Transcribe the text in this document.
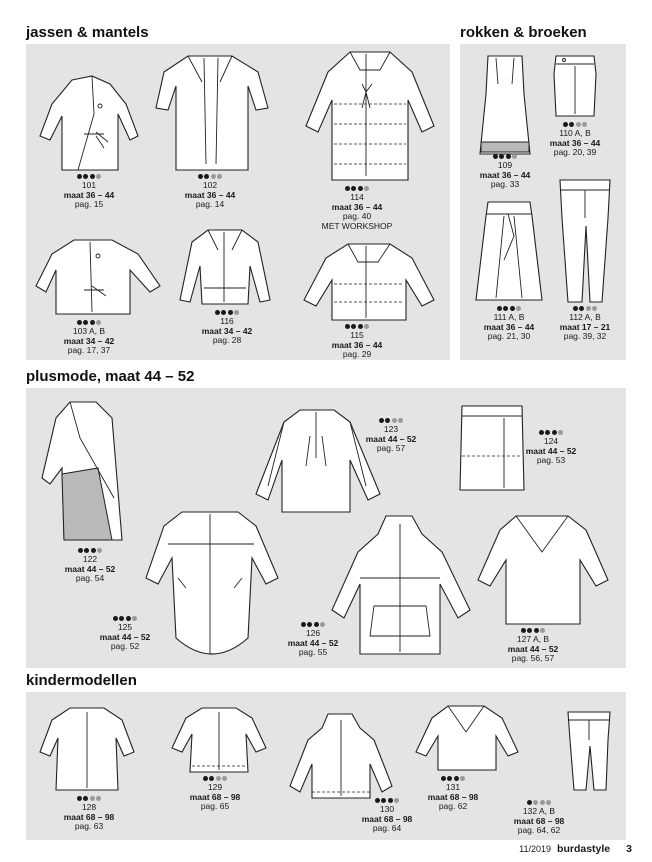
jassen & mantels	rokken & broeken
plusmode, maat 44 – 52
kindermodellen
101
maat 36 – 44
pag. 15
102
maat 36 – 44
pag. 14
114
maat 36 – 44
pag. 40
MET WORKSHOP
103 A, B
maat 34 – 42
pag. 17, 37
116
maat 34 – 42
pag. 28	115
maat 36 – 44
pag. 29
109
maat 36 – 44
pag. 33
110 A, B
maat 36 – 44
pag. 20, 39
111 A, B
maat 36 – 44
pag. 21, 30
112 A, B
maat 17 – 21
pag. 39, 32
122
maat 44 – 52
pag. 54
123
maat 44 – 52
pag. 57
124
maat 44 – 52
pag. 53
125
maat 44 – 52
pag. 52
126
maat 44 – 52
pag. 55
127 A, B
maat 44 – 52
pag. 56, 57
128
maat 68 – 98
pag. 63
129
maat 68 – 98
pag. 65	130
maat 68 – 98
pag. 64
131
maat 68 – 98
pag. 62	132 A, B
maat 68 – 98
pag. 64, 62
11/2019 burdastyle 3
